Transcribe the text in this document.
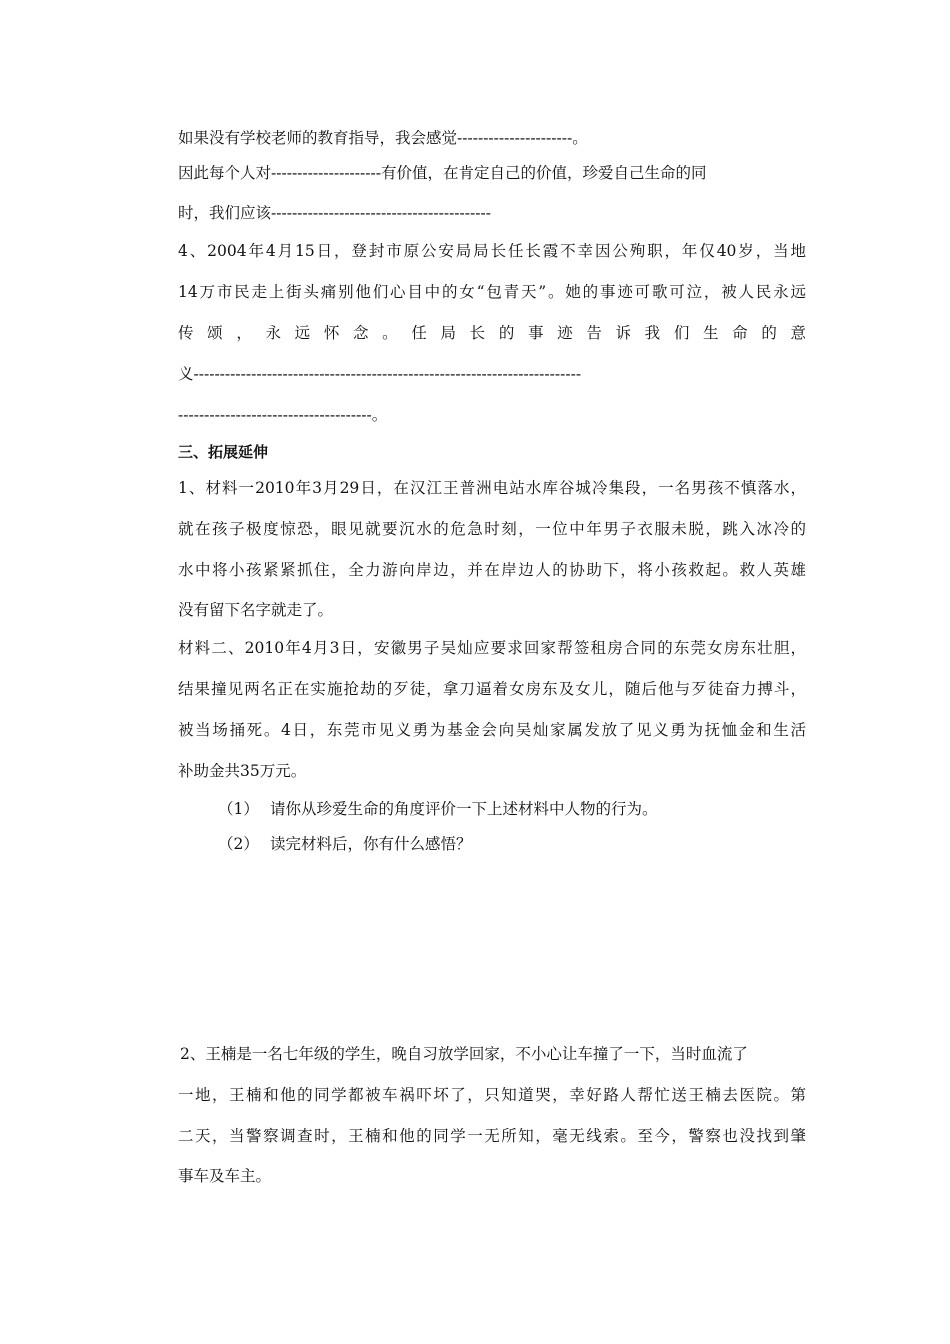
如果没有学校老师的教育指导，我会感觉----------------------。
因此每个人对---------------------有价值，在肯定自己的价值，珍爱自己生命的同
时，我们应该------------------------------------------
4、2004年4月15日，登封市原公安局局长任长霞不幸因公殉职，年仅40岁，当地
14万市民走上街头痛别他们心目中的女“包青天”。她的事迹可歌可泣，被人民永远
传 颂 ， 永 远 怀 念 。 任 局 长 的 事 迹 告 诉 我 们 生 命 的 意
义--------------------------------------------------------------------------
-------------------------------------。
三、拓展延伸
1、材料一2010年3月29日，在汉江王普洲电站水库谷城冷集段，一名男孩不慎落水，
就在孩子极度惊恐，眼见就要沉水的危急时刻，一位中年男子衣服未脱，跳入冰冷的
水中将小孩紧紧抓住，全力游向岸边，并在岸边人的协助下，将小孩救起。救人英雄
没有留下名字就走了。
材料二、2010年4月3日，安徽男子吴灿应要求回家帮签租房合同的东莞女房东壮胆，
结果撞见两名正在实施抢劫的歹徒，拿刀逼着女房东及女儿，随后他与歹徒奋力搏斗，
被当场捅死。4日，东莞市见义勇为基金会向吴灿家属发放了见义勇为抚恤金和生活
补助金共35万元。
（1） 请你从珍爱生命的角度评价一下上述材料中人物的行为。
（2） 读完材料后，你有什么感悟？
2、王楠是一名七年级的学生，晚自习放学回家，不小心让车撞了一下，当时血流了
一地，王楠和他的同学都被车祸吓坏了，只知道哭，幸好路人帮忙送王楠去医院。第
二天，当警察调查时，王楠和他的同学一无所知，毫无线索。至今，警察也没找到肇
事车及车主。
